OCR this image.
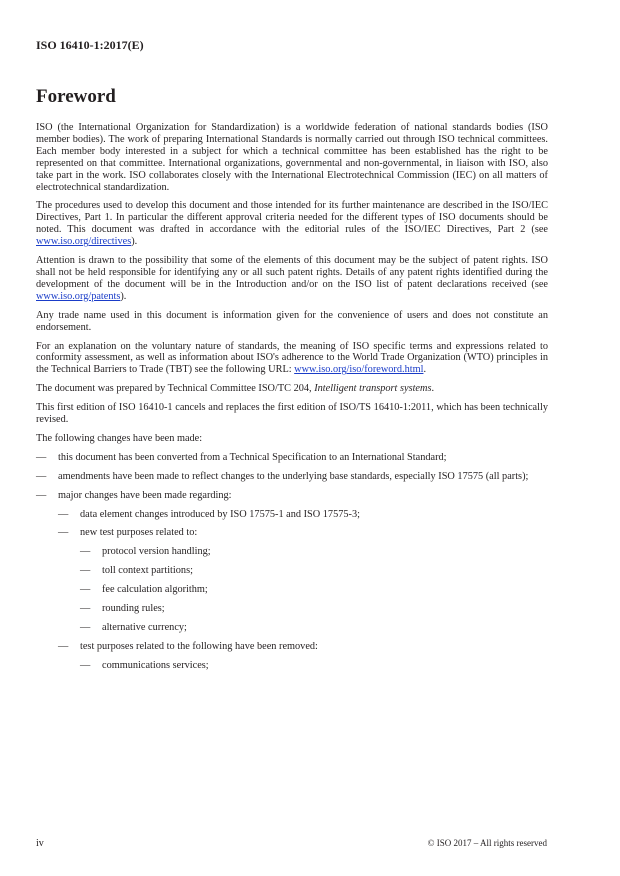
ISO 16410-1:2017(E)
Foreword

ISO (the International Organization for Standardization) is a worldwide federation of national standards bodies (ISO member bodies). The work of preparing International Standards is normally carried out through ISO technical committees. Each member body interested in a subject for which a technical committee has been established has the right to be represented on that committee. International organizations, governmental and non-governmental, in liaison with ISO, also take part in the work. ISO collaborates closely with the International Electrotechnical Commission (IEC) on all matters of electrotechnical standardization.

The procedures used to develop this document and those intended for its further maintenance are described in the ISO/IEC Directives, Part 1. In particular the different approval criteria needed for the different types of ISO documents should be noted. This document was drafted in accordance with the editorial rules of the ISO/IEC Directives, Part 2 (see www.iso.org/directives).

Attention is drawn to the possibility that some of the elements of this document may be the subject of patent rights. ISO shall not be held responsible for identifying any or all such patent rights. Details of any patent rights identified during the development of the document will be in the Introduction and/or on the ISO list of patent declarations received (see www.iso.org/patents).

Any trade name used in this document is information given for the convenience of users and does not constitute an endorsement.

For an explanation on the voluntary nature of standards, the meaning of ISO specific terms and expressions related to conformity assessment, as well as information about ISO's adherence to the World Trade Organization (WTO) principles in the Technical Barriers to Trade (TBT) see the following URL: www.iso.org/iso/foreword.html.

The document was prepared by Technical Committee ISO/TC 204, Intelligent transport systems.

This first edition of ISO 16410-1 cancels and replaces the first edition of ISO/TS 16410-1:2011, which has been technically revised.

The following changes have been made:

—	this document has been converted from a Technical Specification to an International Standard;
—	amendments have been made to reflect changes to the underlying base standards, especially ISO 17575 (all parts);
—	major changes have been made regarding:
—	data element changes introduced by ISO 17575-1 and ISO 17575-3;
—	new test purposes related to:
—	protocol version handling;
—	toll context partitions;
—	fee calculation algorithm;
—	rounding rules;
—	alternative currency;
—	test purposes related to the following have been removed:
—	communications services;
iv	© ISO 2017 – All rights reserved
